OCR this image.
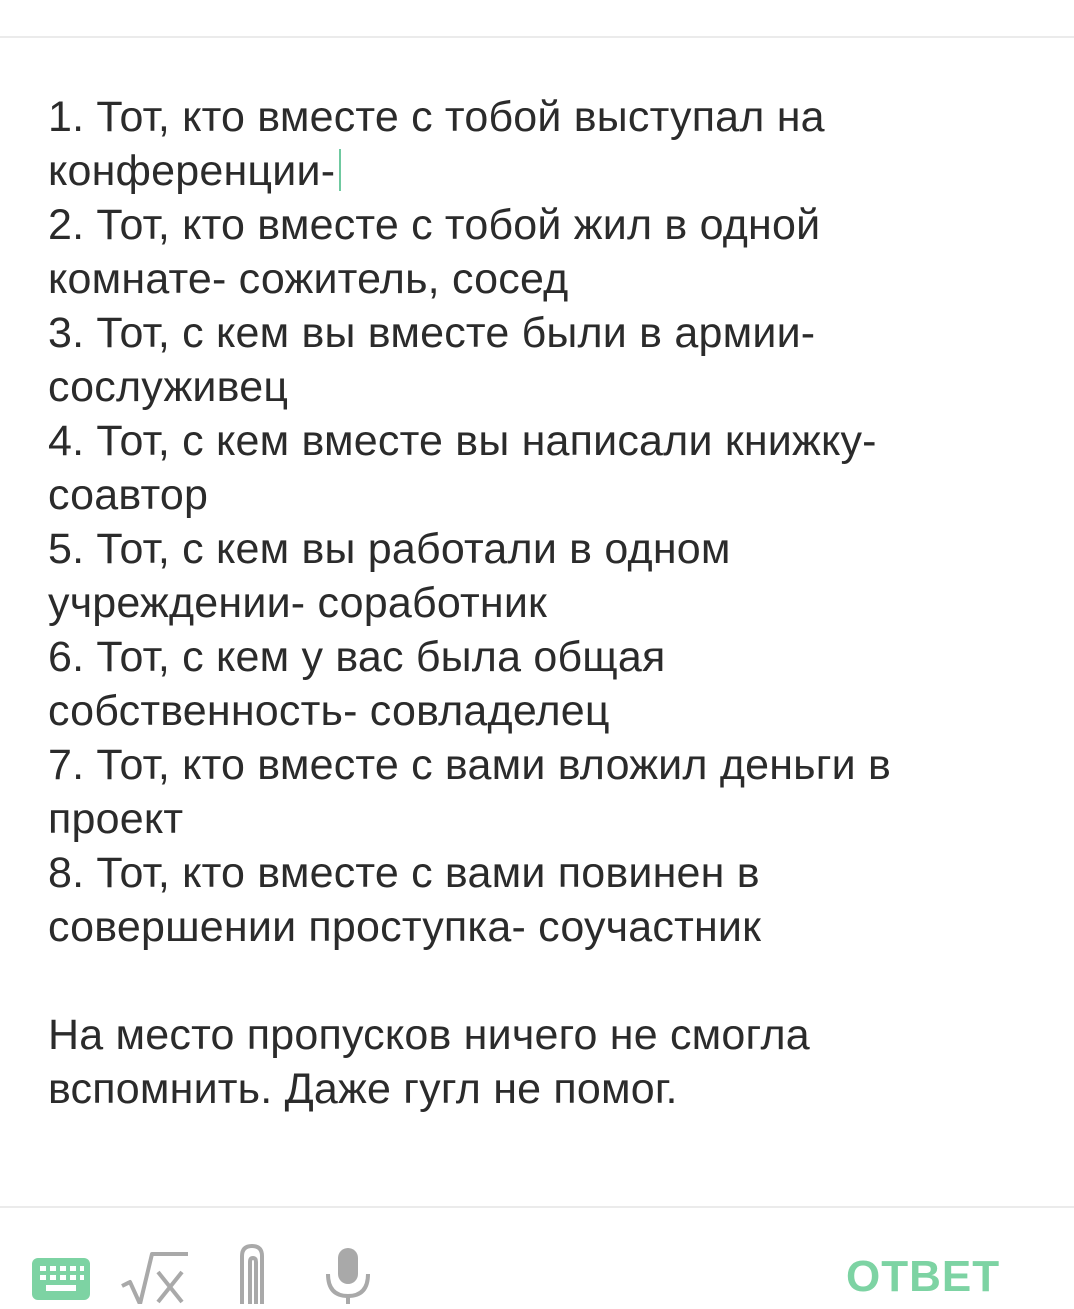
1. Тот, кто вместе с тобой выступал на
конференции-
2. Тот, кто вместе с тобой жил в одной
комнате- сожитель, сосед
3. Тот, с кем вы вместе были в армии-
сослуживец
4. Тот, с кем вместе вы написали книжку-
соавтор
5. Тот, с кем вы работали в одном
учреждении- сораб​отник
6. Тот, с кем у вас была общая
собственность- совладелец
7. Тот, кто вместе с вами вложил деньги в
проект
8. Тот, кто вместе с вами повинен в
совершении проступка- соучастник
На место пропусков ничего не смогла
вспомнить. Даже гугл не помог.
ОТВЕТ
